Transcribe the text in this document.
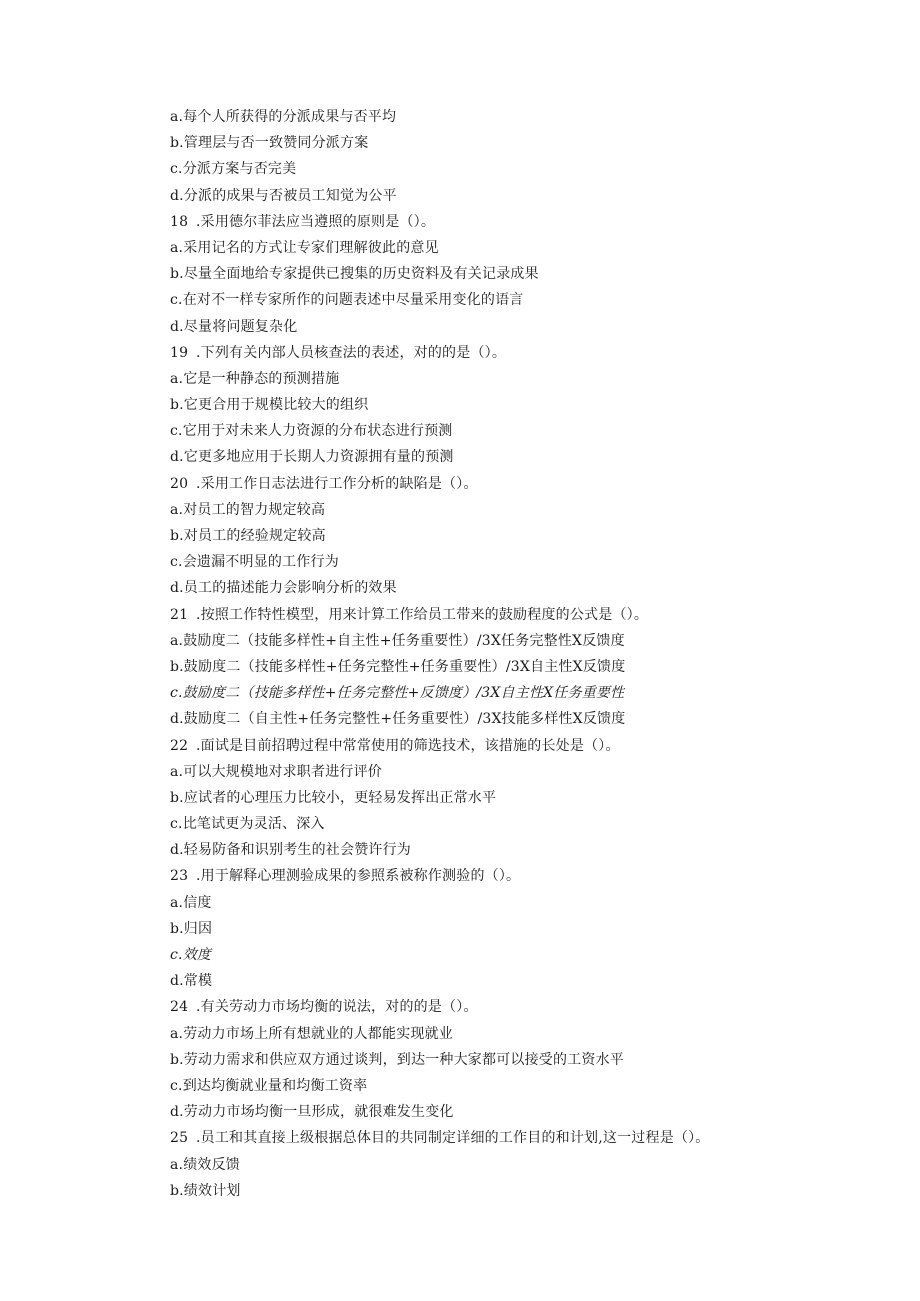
a.每个人所获得的分派成果与否平均
b.管理层与否一致赞同分派方案
c.分派方案与否完美
d.分派的成果与否被员工知觉为公平
18 .采用德尔菲法应当遵照的原则是（）。
a.采用记名的方式让专家们理解彼此的意见
b.尽量全面地给专家提供已搜集的历史资料及有关记录成果
c.在对不一样专家所作的问题表述中尽量采用变化的语言
d.尽量将问题复杂化
19 .下列有关内部人员核查法的表述，对的的是（）。
a.它是一种静态的预测措施
b.它更合用于规模比较大的组织
c.它用于对未来人力资源的分布状态进行预测
d.它更多地应用于长期人力资源拥有量的预测
20 .采用工作日志法进行工作分析的缺陷是（）。
a.对员工的智力规定较高
b.对员工的经验规定较高
c.会遗漏不明显的工作行为
d.员工的描述能力会影响分析的效果
21 .按照工作特性模型，用来计算工作给员工带来的鼓励程度的公式是（）。
a.鼓励度二（技能多样性+自主性+任务重要性）/3X任务完整性X反馈度
b.鼓励度二（技能多样性+任务完整性+任务重要性）/3X自主性X反馈度
c.鼓励度二（技能多样性+任务完整性+反馈度）/3X自主性X任务重要性
d.鼓励度二（自主性+任务完整性+任务重要性）/3X技能多样性X反馈度
22 .面试是目前招聘过程中常常使用的筛选技术，该措施的长处是（）。
a.可以大规模地对求职者进行评价
b.应试者的心理压力比较小，更轻易发挥出正常水平
c.比笔试更为灵活、深入
d.轻易防备和识别考生的社会赞许行为
23 .用于解释心理测验成果的参照系被称作测验的（）。
a.信度
b.归因
c.效度
d.常模
24 .有关劳动力市场均衡的说法，对的的是（）。
a.劳动力市场上所有想就业的人都能实现就业
b.劳动力需求和供应双方通过谈判，到达一种大家都可以接受的工资水平
c.到达均衡就业量和均衡工资率
d.劳动力市场均衡一旦形成，就很难发生变化
25 .员工和其直接上级根据总体目的共同制定详细的工作目的和计划,这一过程是（）。
a.绩效反馈
b.绩效计划
